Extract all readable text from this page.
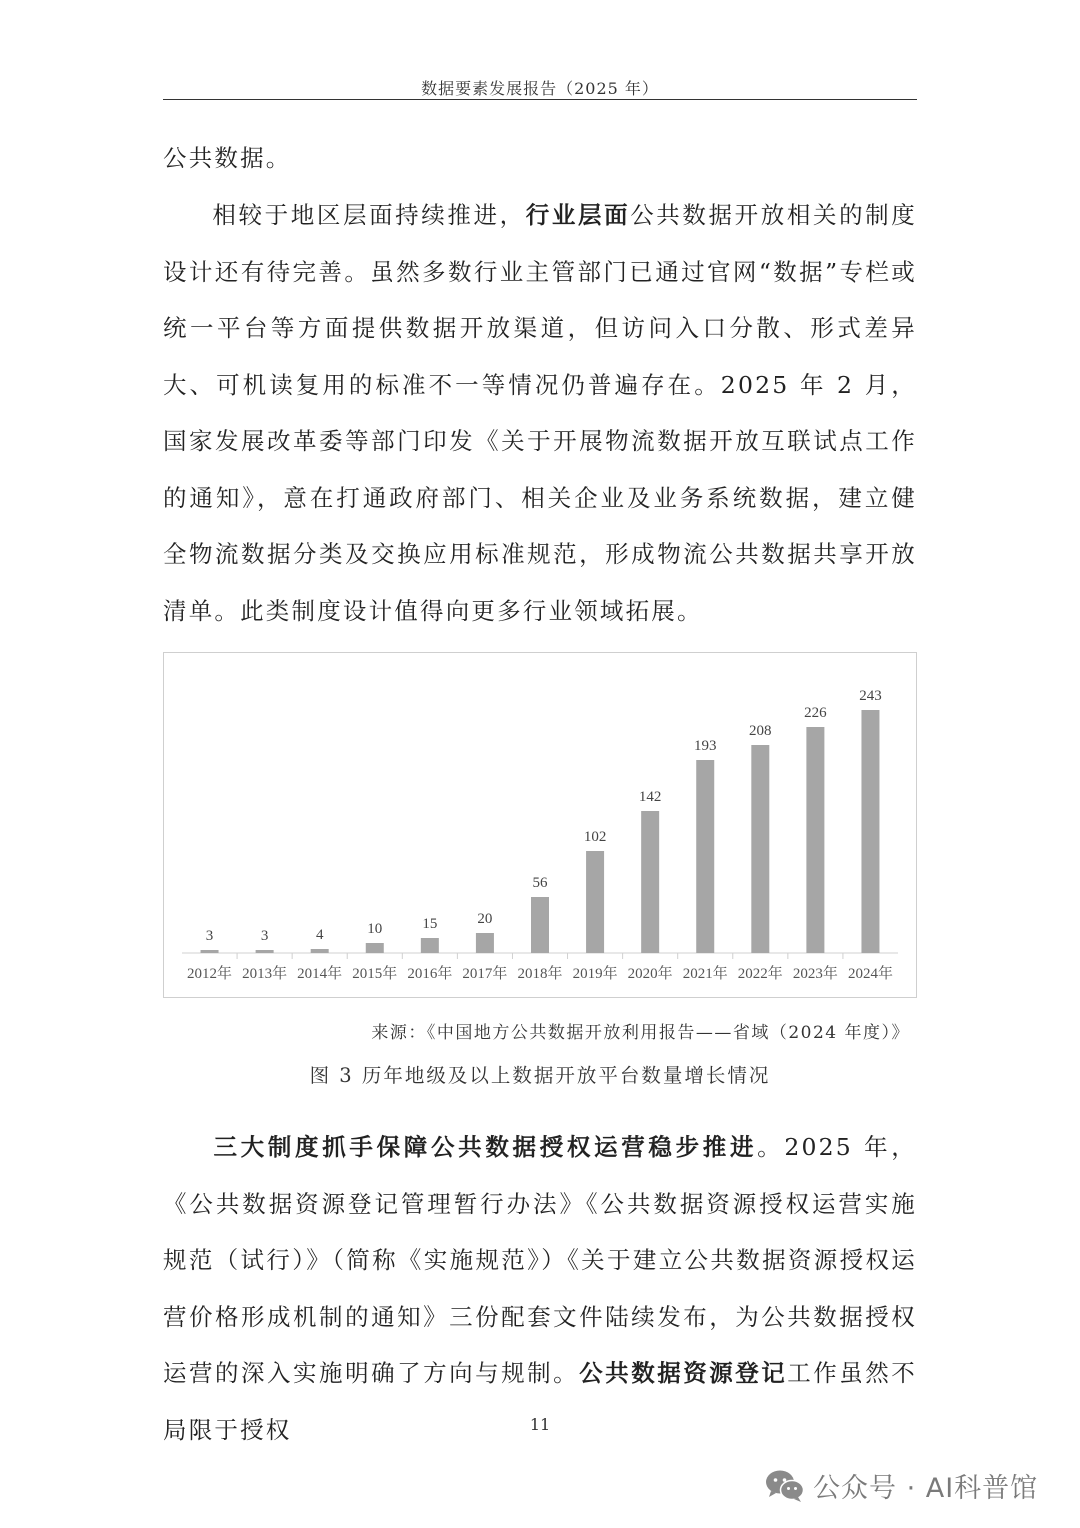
数据要素发展报告（2025 年）

公共数据。

相较于地区层面持续推进，行业层面公共数据开放相关的制度设计还有待完善。虽然多数行业主管部门已通过官网“数据”专栏或统一平台等方面提供数据开放渠道，但访问入口分散、形式差异大、可机读复用的标准不一等情况仍普遍存在。2025 年 2 月，国家发展改革委等部门印发《关于开展物流数据开放互联试点工作的通知》，意在打通政府部门、相关企业及业务系统数据，建立健全物流数据分类及交换应用标准规范，形成物流公共数据共享开放清单。此类制度设计值得向更多行业领域拓展。

3
2012年
3
2013年
4
2014年
10
2015年
15
2016年
20
2017年
56
2018年
102
2019年
142
2020年
193
2021年
208
2022年
226
2023年
243
2024年
来源：《中国地方公共数据开放利用报告——省域（2024 年度）》
图 3 历年地级及以上数据开放平台数量增长情况

三大制度抓手保障公共数据授权运营稳步推进。2025 年，《公共数据资源登记管理暂行办法》《公共数据资源授权运营实施规范（试行）》（简称《实施规范》）《关于建立公共数据资源授权运营价格形成机制的通知》三份配套文件陆续发布，为公共数据授权运营的深入实施明确了方向与规制。公共数据资源登记工作虽然不局限于授权	11
公众号 · AI科普馆
